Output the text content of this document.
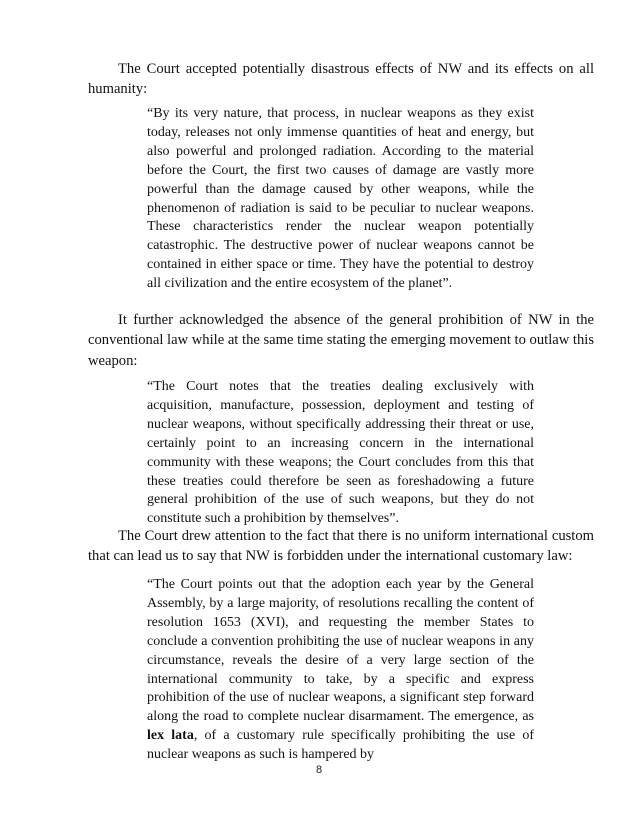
The Court accepted potentially disastrous effects of NW and its effects on all humanity:

“By its very nature, that process, in nuclear weapons as they exist today, releases not only immense quantities of heat and energy, but also powerful and prolonged radiation. According to the material before the Court, the first two causes of damage are vastly more powerful than the damage caused by other weapons, while the phenomenon of radiation is said to be peculiar to nuclear weapons. These characteristics render the nuclear weapon potentially catastrophic. The destructive power of nuclear weapons cannot be contained in either space or time. They have the potential to destroy all civilization and the entire ecosystem of the planet”.

It further acknowledged the absence of the general prohibition of NW in the conventional law while at the same time stating the emerging movement to outlaw this weapon:

“The Court notes that the treaties dealing exclusively with acquisition, manufacture, possession, deployment and testing of nuclear weapons, without specifically addressing their threat or use, certainly point to an increasing concern in the international community with these weapons; the Court concludes from this that these treaties could therefore be seen as foreshadowing a future general prohibition of the use of such weapons, but they do not constitute such a prohibition by themselves”.

The Court drew attention to the fact that there is no uniform international custom that can lead us to say that NW is forbidden under the international customary law:

“The Court points out that the adoption each year by the General Assembly, by a large majority, of resolutions recalling the content of resolution 1653 (XVI), and requesting the member States to conclude a convention prohibiting the use of nuclear weapons in any circumstance, reveals the desire of a very large section of the international community to take, by a specific and express prohibition of the use of nuclear weapons, a significant step forward along the road to complete nuclear disarmament. The emergence, as lex lata, of a customary rule specifically prohibiting the use of nuclear weapons as such is hampered by

8
